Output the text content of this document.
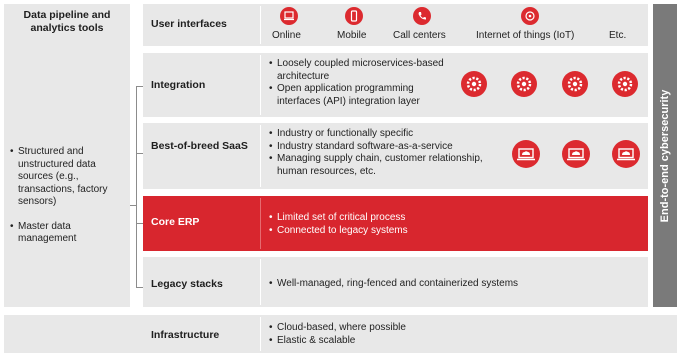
Data pipeline and analytics tools
• Structured and unstructured data sources (e.g., transactions, factory sensors)
• Master data management
User interfaces
Online	Mobile	Call centers	Internet of things (IoT)	Etc.
Integration
• Loosely coupled microservices-based architecture
• Open application programming interfaces (API) integration layer
Best-of-breed SaaS
• Industry or functionally specific
• Industry standard software-as-a-service
• Managing supply chain, customer relationship, human resources, etc.
Core ERP	• Limited set of critical process
• Connected to legacy systems
Legacy stacks	• Well-managed, ring-fenced and containerized systems
End-to-end cybersecurity
Infrastructure
• Cloud-based, where possible
• Elastic & scalable
